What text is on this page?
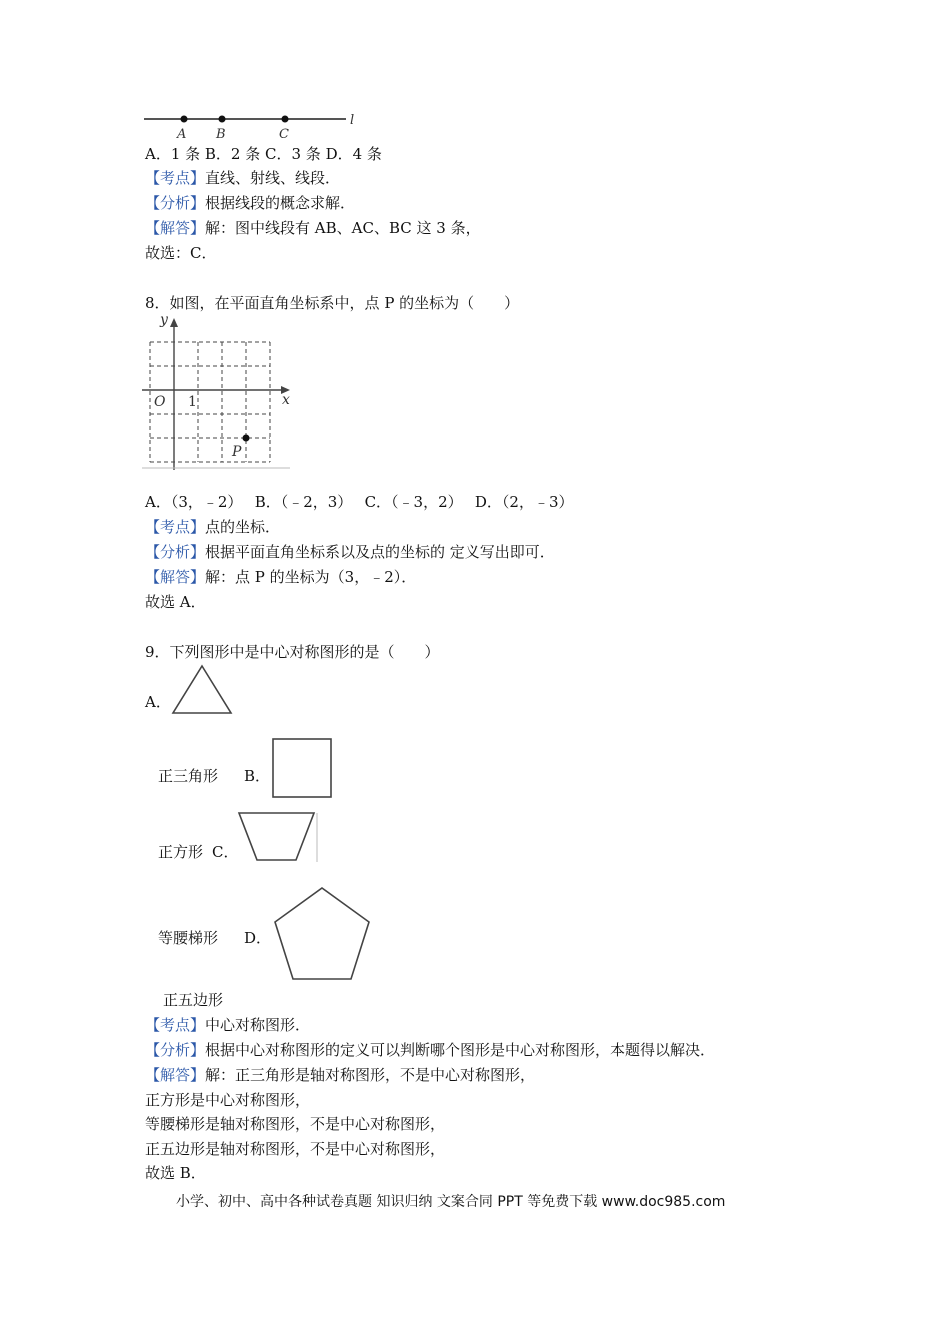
A B	C
l
A．1 条 B．2 条 C．3 条 D．4 条
【考点】直线、射线、线段．
【分析】根据线段的概念求解．
【解答】解：图中线段有 AB、AC、BC 这 3 条，
故选：C．
8．如图，在平面直角坐标系中，点 P 的坐标为（　　）
y
x
O 1
P
A．（3，﹣2）　 B．（﹣2，3）　 C．（﹣3，2）　 D．（2，﹣3）
【考点】点的坐标．
【分析】根据平面直角坐标系以及点的坐标的 定义写出即可．
【解答】解：点 P 的坐标为（3，﹣2）．
故选 A．
9．下列图形中是中心对称图形的是（　　）
A．
正三角形 B．
正方形 C．
等腰梯形 D．
正五边形
【考点】中心对称图形．
【分析】根据中心对称图形的定义可以判断哪个图形是中心对称图形，本题得以解决．
【解答】解：正三角形是轴对称图形，不是中心对称图形，
正方形是中心对称图形，
等腰梯形是轴对称图形，不是中心对称图形，
正五边形是轴对称图形，不是中心对称图形，
故选 B．
小学、初中、高中各种试卷真题 知识归纳 文案合同 PPT 等免费下载 www.doc985.com
